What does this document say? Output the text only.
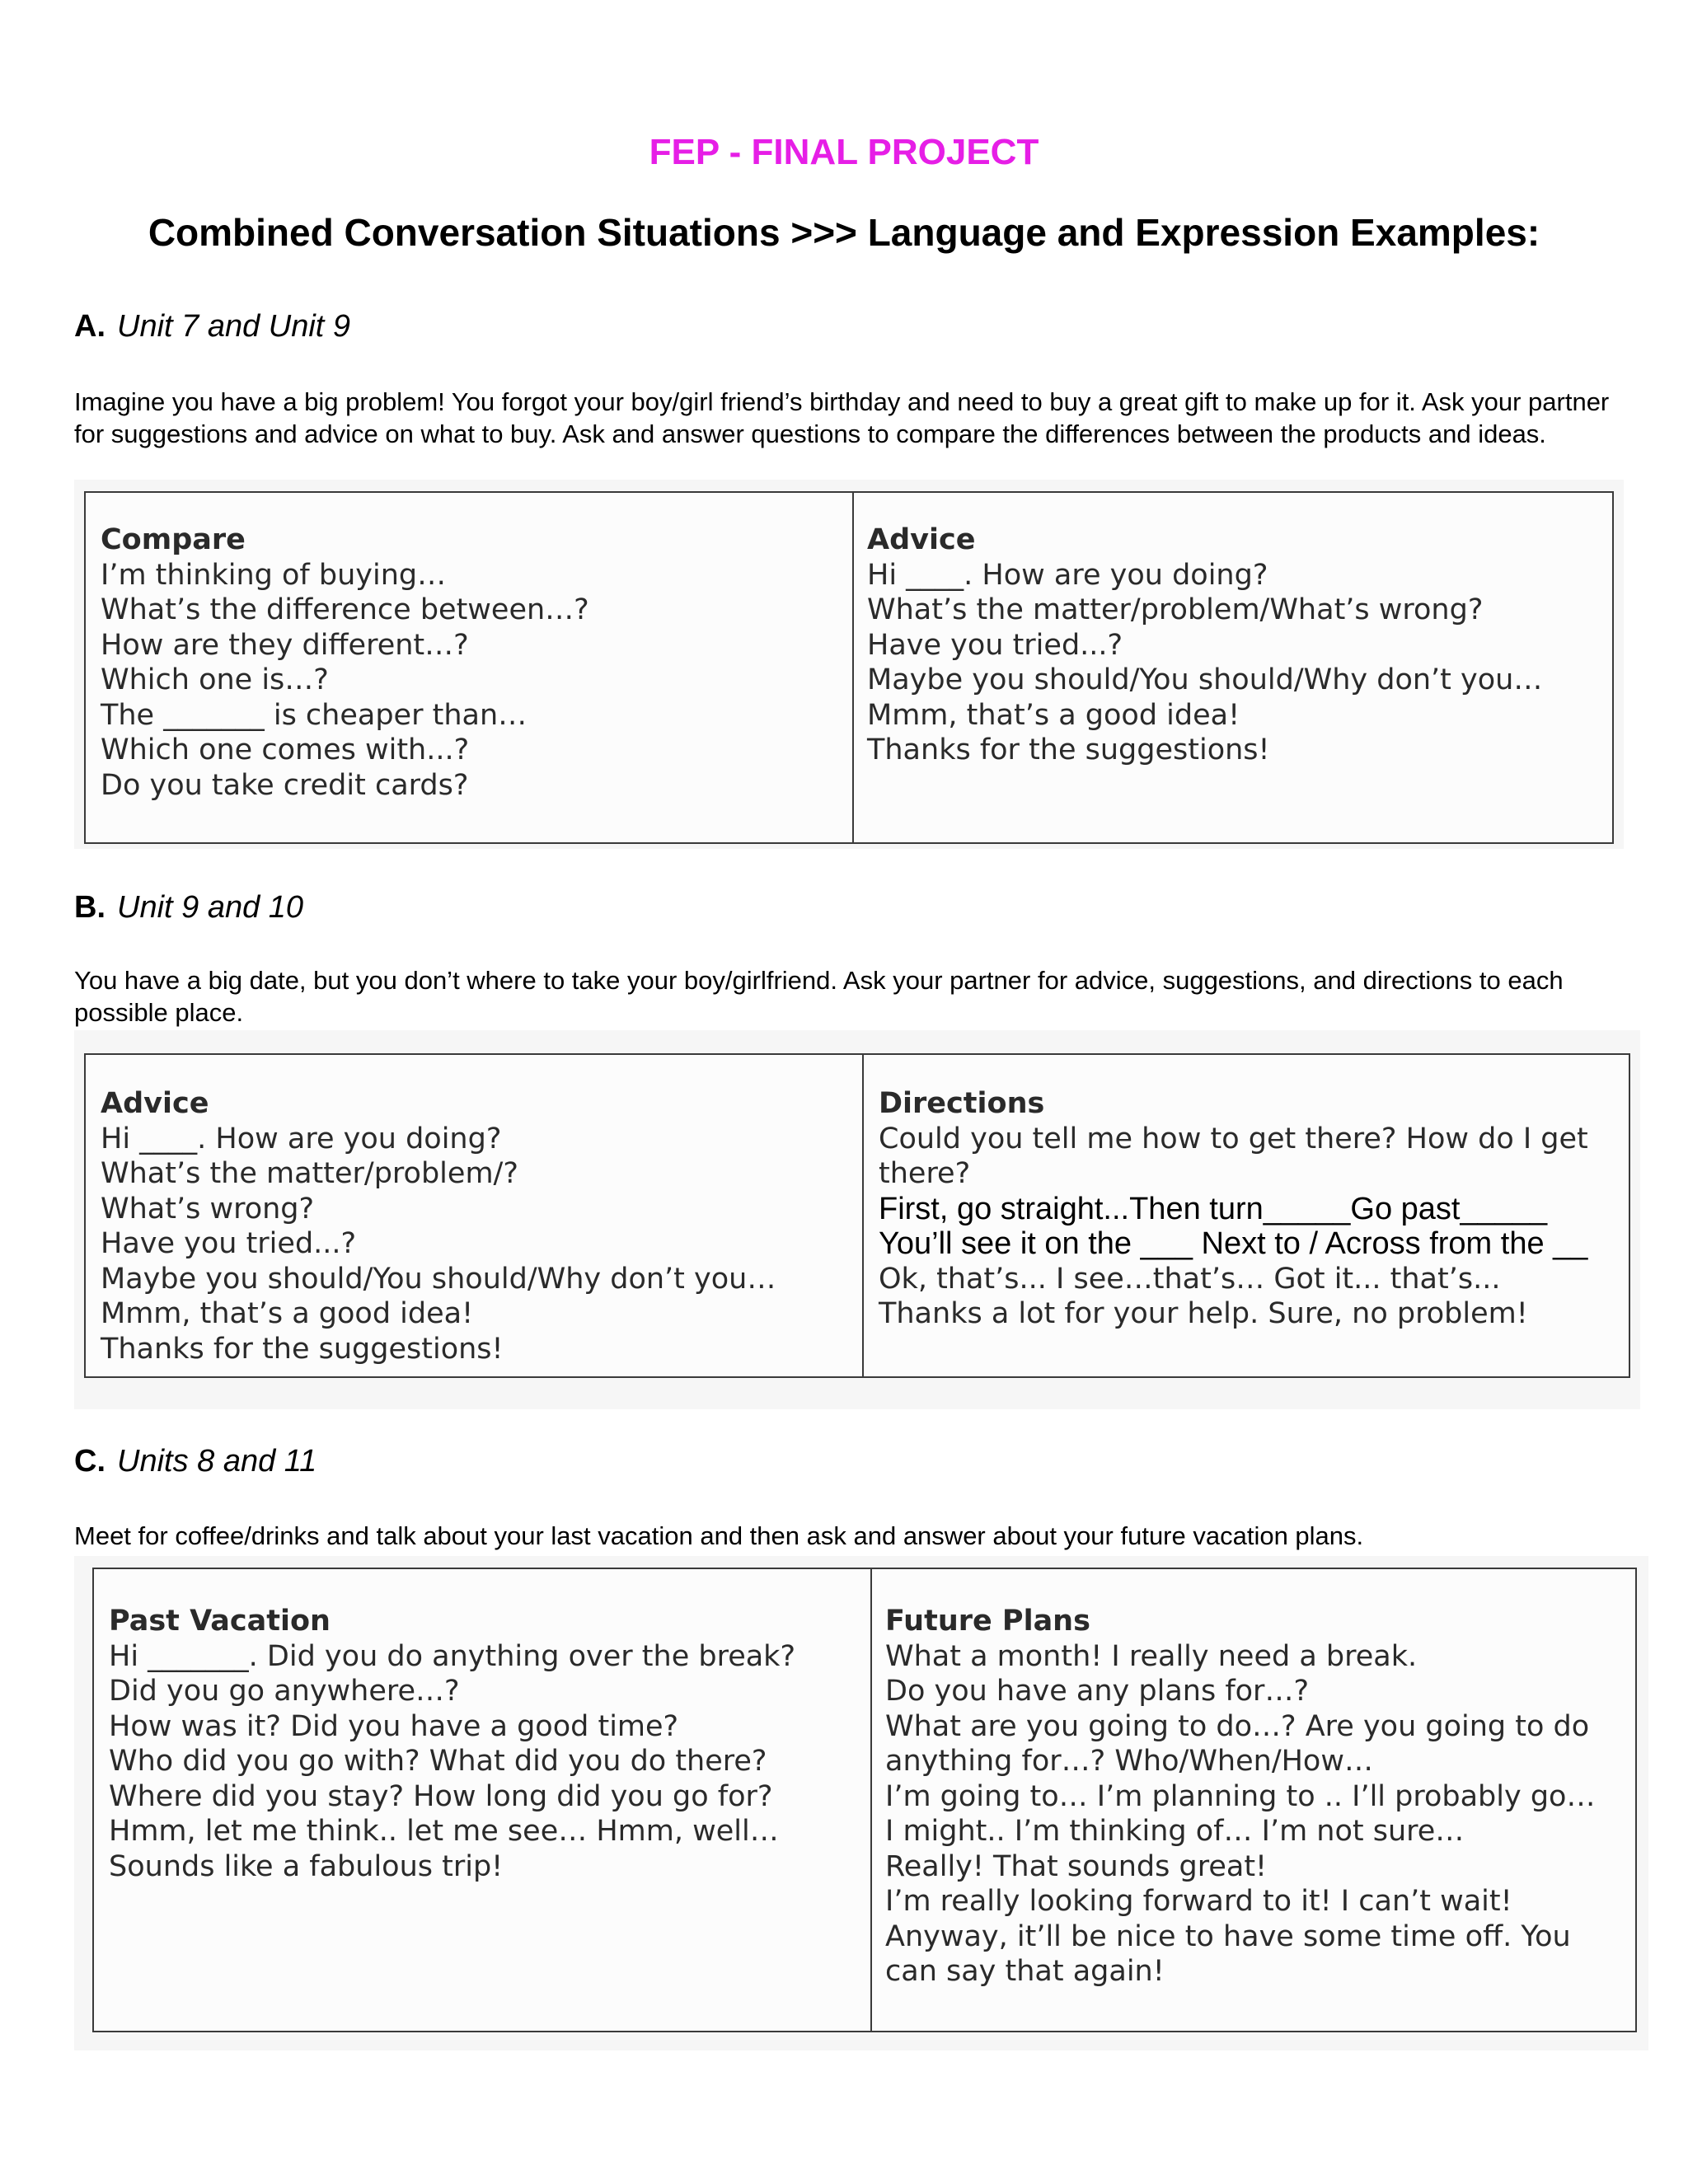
FEP - FINAL PROJECT
Combined Conversation Situations >>> Language and Expression Examples:
A. Unit 7 and Unit 9

Imagine you have a big problem! You forgot your boy/girl friend’s birthday and need to buy a great gift to make up for it. Ask your partner for suggestions and advice on what to buy. Ask and answer questions to compare the differences between the products and ideas.

Compare
I’m thinking of buying…
What’s the difference between…?
How are they different…?
Which one is…?
The _______ is cheaper than…
Which one comes with...?
Do you take credit cards?
Advice
Hi ____. How are you doing?
What’s the matter/problem/What’s wrong?
Have you tried...?
Maybe you should/You should/Why don’t you…
Mmm, that’s a good idea!
Thanks for the suggestions!
B. Unit 9 and 10

You have a big date, but you don’t where to take your boy/girlfriend. Ask your partner for advice, suggestions, and directions to each possible place.

Advice
Hi ____. How are you doing?
What’s the matter/problem/?
What’s wrong?
Have you tried...?
Maybe you should/You should/Why don’t you…
Mmm, that’s a good idea!
Thanks for the suggestions!
Directions
Could you tell me how to get there? How do I get there?
First, go straight...Then turn_____Go past_____
You’ll see it on the ___ Next to / Across from the __
Ok, that’s... I see…that’s… Got it... that’s...
Thanks a lot for your help. Sure, no problem!
C. Units 8 and 11

Meet for coffee/drinks and talk about your last vacation and then ask and answer about your future vacation plans.

Past Vacation
Hi _______. Did you do anything over the break?
Did you go anywhere…?
How was it? Did you have a good time?
Who did you go with? What did you do there?
Where did you stay? How long did you go for?
Hmm, let me think.. let me see… Hmm, well…
Sounds like a fabulous trip!
Future Plans
What a month! I really need a break.
Do you have any plans for…?
What are you going to do…? Are you going to do anything for…? Who/When/How…
I’m going to… I’m planning to .. I’ll probably go…
I might.. I’m thinking of… I’m not sure…
Really! That sounds great!
I’m really looking forward to it! I can’t wait!
Anyway, it’ll be nice to have some time off. You can say that again!
